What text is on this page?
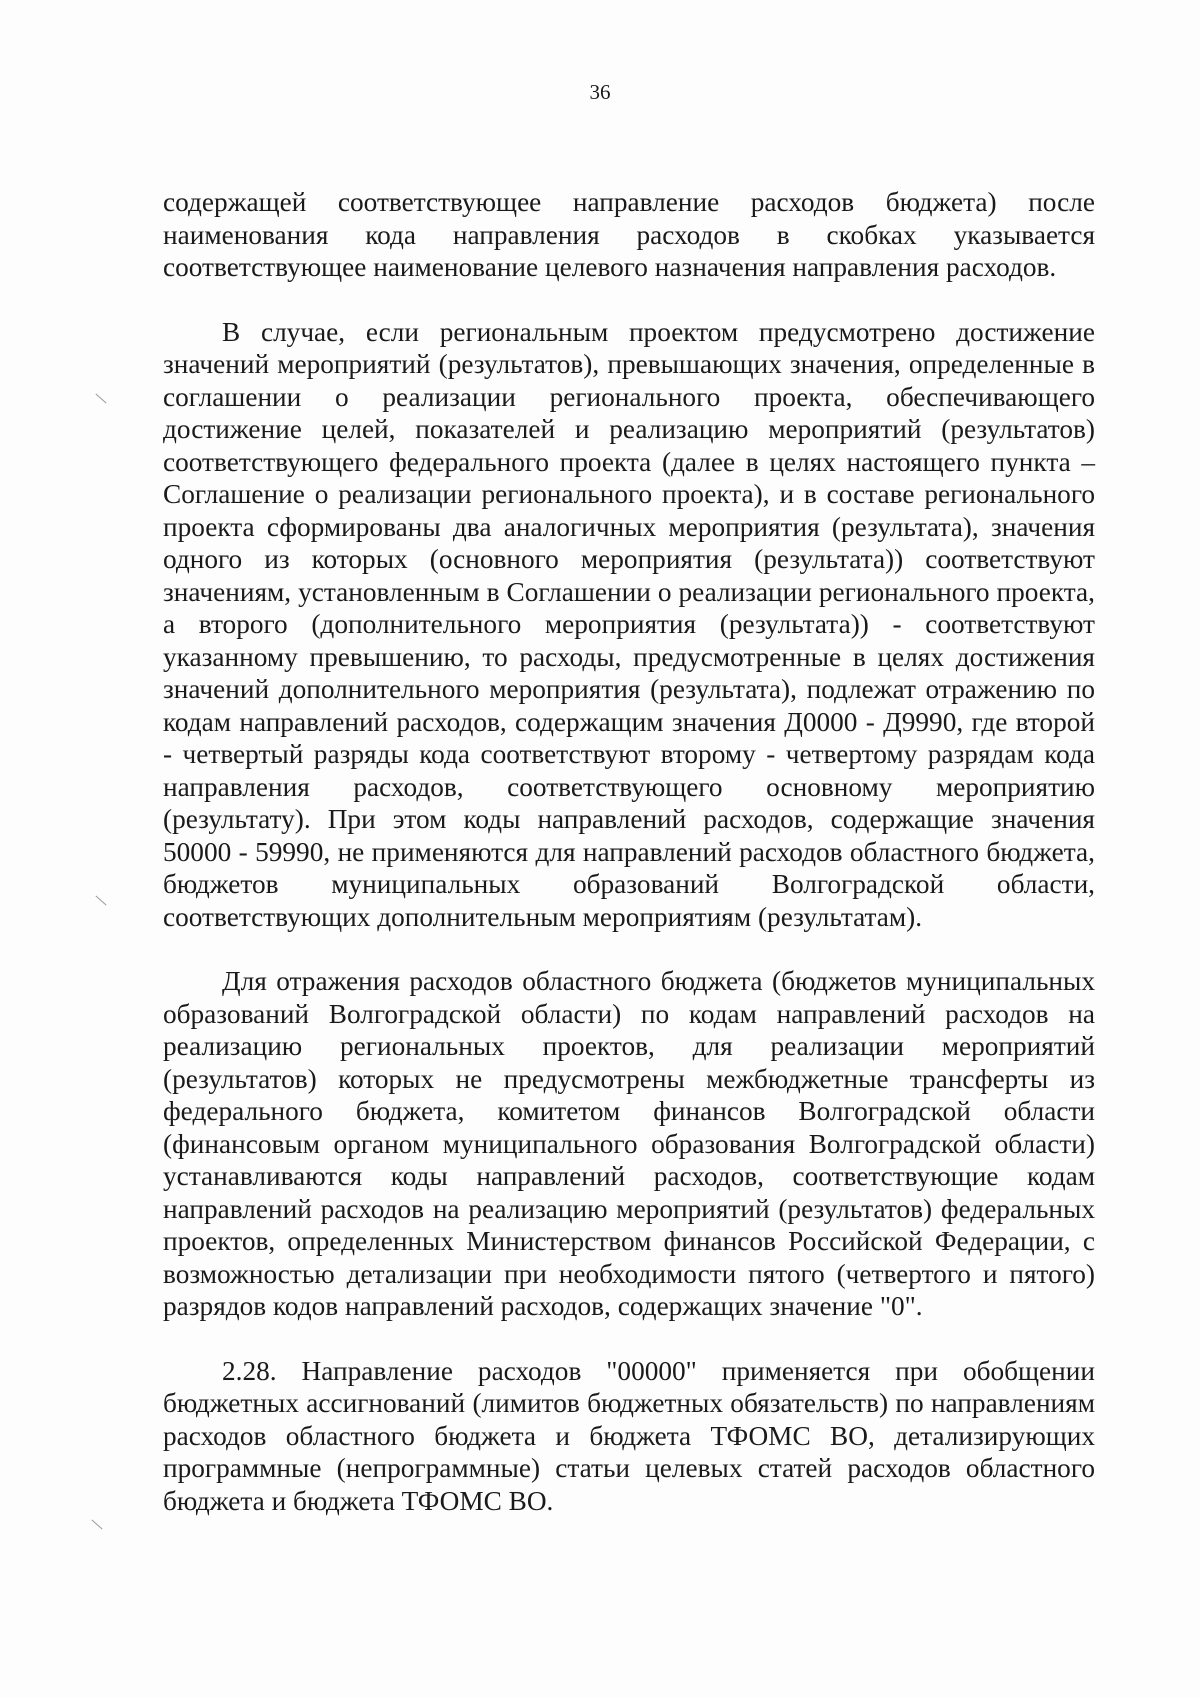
36

содержащей соответствующее направление расходов бюджета) после наименования кода направления расходов в скобках указывается соответствующее наименование целевого назначения направления расходов.

В случае, если региональным проектом предусмотрено достижение значений мероприятий (результатов), превышающих значения, определенные в соглашении о реализации регионального проекта, обеспечивающего достижение целей, показателей и реализацию мероприятий (результатов) соответствующего федерального проекта (далее в целях настоящего пункта – Соглашение о реализации регионального проекта), и в составе регионального проекта сформированы два аналогичных мероприятия (результата), значения одного из которых (основного мероприятия (результата)) соответствуют значениям, установленным в Соглашении о реализации регионального проекта, а второго (дополнительного мероприятия (результата)) - соответствуют указанному превышению, то расходы, предусмотренные в целях достижения значений дополнительного мероприятия (результата), подлежат отражению по кодам направлений расходов, содержащим значения Д0000 - Д9990, где второй - четвертый разряды кода соответствуют второму - четвертому разрядам кода направления расходов, соответствующего основному мероприятию (результату). При этом коды направлений расходов, содержащие значения 50000 - 59990, не применяются для направлений расходов областного бюджета, бюджетов муниципальных образований Волгоградской области, соответствующих дополнительным мероприятиям (результатам).

Для отражения расходов областного бюджета (бюджетов муниципальных образований Волгоградской области) по кодам направлений расходов на реализацию региональных проектов, для реализации мероприятий (результатов) которых не предусмотрены межбюджетные трансферты из федерального бюджета, комитетом финансов Волгоградской области (финансовым органом муниципального образования Волгоградской области) устанавливаются коды направлений расходов, соответствующие кодам направлений расходов на реализацию мероприятий (результатов) федеральных проектов, определенных Министерством финансов Российской Федерации, с возможностью детализации при необходимости пятого (четвертого и пятого) разрядов кодов направлений расходов, содержащих значение "0".

2.28. Направление расходов "00000" применяется при обобщении бюджетных ассигнований (лимитов бюджетных обязательств) по направлениям расходов областного бюджета и бюджета ТФОМС ВО, детализирующих программные (непрограммные) статьи целевых статей расходов областного бюджета и бюджета ТФОМС ВО.
